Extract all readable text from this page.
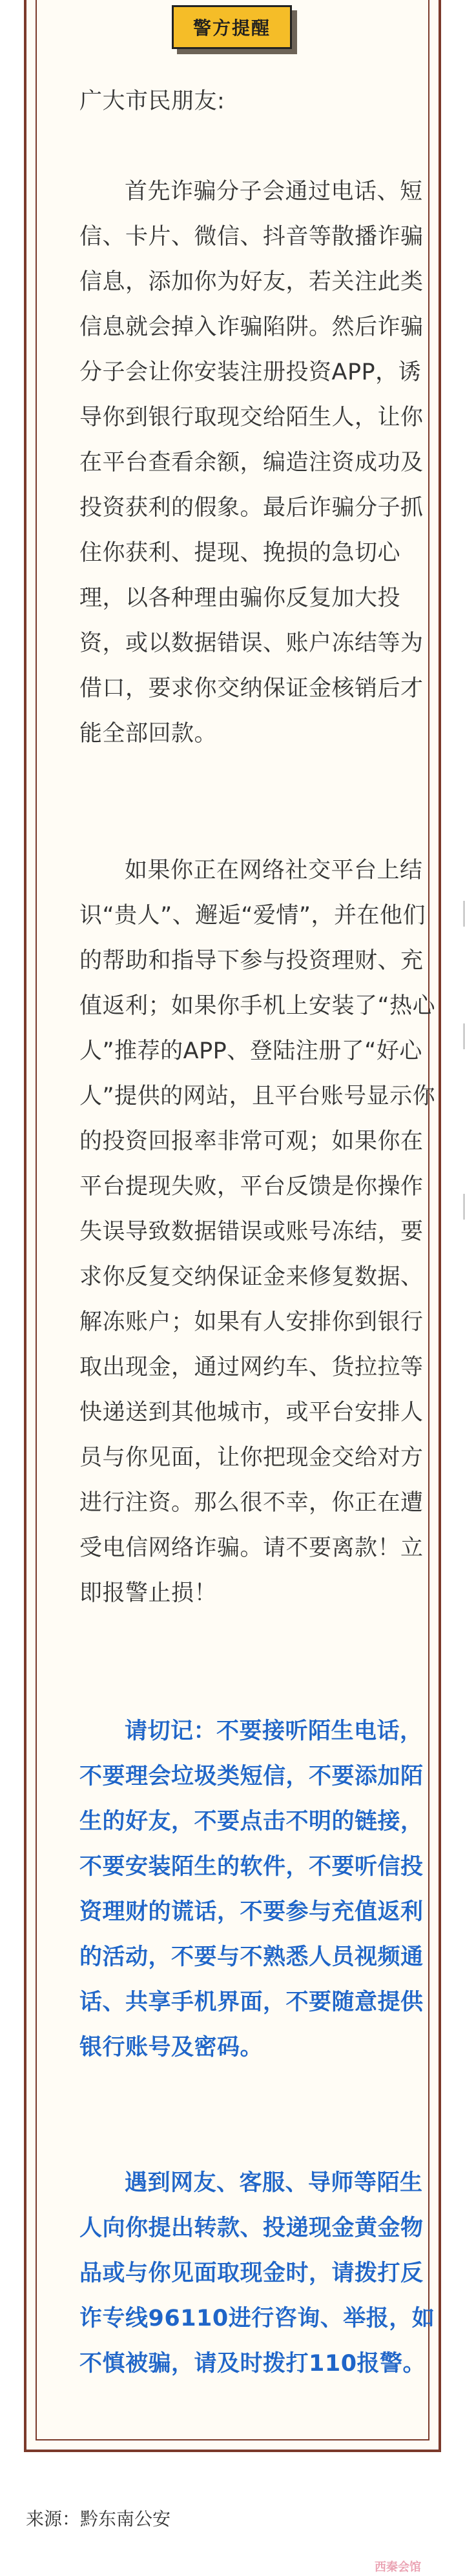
警方提醒

广大市民朋友:

首先诈骗分子会通过电话、短信、卡片、微信、抖音等散播诈骗信息，添加你为好友，若关注此类信息就会掉入诈骗陷阱。然后诈骗分子会让你安装注册投资APP，诱导你到银行取现交给陌生人，让你在平台查看余额，编造注资成功及投资获利的假象。最后诈骗分子抓住你获利、提现、挽损的急切心理，以各种理由骗你反复加大投资，或以数据错误、账户冻结等为借口，要求你交纳保证金核销后才能全部回款。

如果你正在网络社交平台上结识“贵人”、邂逅“爱情”，并在他们的帮助和指导下参与投资理财、充值返利；如果你手机上安装了“热心人”推荐的APP、登陆注册了“好心人”提供的网站，且平台账号显示你的投资回报率非常可观；如果你在平台提现失败，平台反馈是你操作失误导致数据错误或账号冻结，要求你反复交纳保证金来修复数据、解冻账户；如果有人安排你到银行取出现金，通过网约车、货拉拉等快递送到其他城市，或平台安排人员与你见面，让你把现金交给对方进行注资。那么很不幸，你正在遭受电信网络诈骗。请不要离款！立即报警止损！

请切记：不要接听陌生电话，不要理会垃圾类短信，不要添加陌生的好友，不要点击不明的链接，不要安装陌生的软件，不要听信投资理财的谎话，不要参与充值返利的活动，不要与不熟悉人员视频通话、共享手机界面，不要随意提供银行账号及密码。

遇到网友、客服、导师等陌生人向你提出转款、投递现金黄金物品或与你见面取现金时，请拨打反诈专线96110进行咨询、举报，如不慎被骗，请及时拨打110报警。

来源：黔东南公安

西秦会馆
